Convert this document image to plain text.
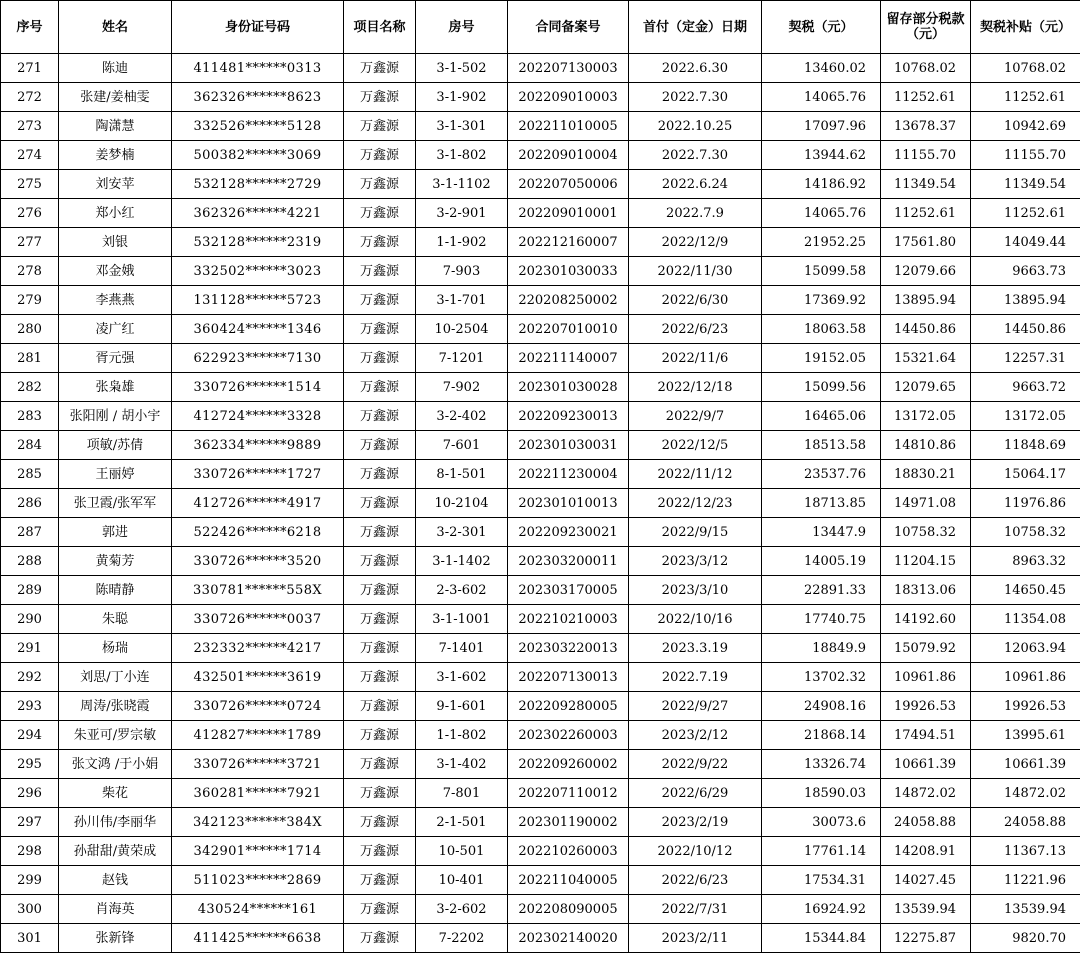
序号	姓名	身份证号码	项目名称	房号	合同备案号	首付（定金）日期	契税（元）	留存部分税款（元）	契税补贴（元）
271	陈迪	411481******0313	万鑫源	3-1-502	202207130003	2022.6.30	13460.02	10768.02	10768.02
272	张建/姜柚雯	362326******8623	万鑫源	3-1-902	202209010003	2022.7.30	14065.76	11252.61	11252.61
273	陶潇慧	332526******5128	万鑫源	3-1-301	202211010005	2022.10.25	17097.96	13678.37	10942.69
274	姜梦楠	500382******3069	万鑫源	3-1-802	202209010004	2022.7.30	13944.62	11155.70	11155.70
275	刘安苹	532128******2729	万鑫源	3-1-1102	202207050006	2022.6.24	14186.92	11349.54	11349.54
276	郑小红	362326******4221	万鑫源	3-2-901	202209010001	2022.7.9	14065.76	11252.61	11252.61
277	刘银	532128******2319	万鑫源	1-1-902	202212160007	2022/12/9	21952.25	17561.80	14049.44
278	邓金娥	332502******3023	万鑫源	7-903	202301030033	2022/11/30	15099.58	12079.66	9663.73
279	李燕燕	131128******5723	万鑫源	3-1-701	220208250002	2022/6/30	17369.92	13895.94	13895.94
280	凌广红	360424******1346	万鑫源	10-2504	202207010010	2022/6/23	18063.58	14450.86	14450.86
281	胥元强	622923******7130	万鑫源	7-1201	202211140007	2022/11/6	19152.05	15321.64	12257.31
282	张枭雄	330726******1514	万鑫源	7-902	202301030028	2022/12/18	15099.56	12079.65	9663.72
283	张阳刚 / 胡小宇	412724******3328	万鑫源	3-2-402	202209230013	2022/9/7	16465.06	13172.05	13172.05
284	项敏/苏倩	362334******9889	万鑫源	7-601	202301030031	2022/12/5	18513.58	14810.86	11848.69
285	王丽婷	330726******1727	万鑫源	8-1-501	202211230004	2022/11/12	23537.76	18830.21	15064.17
286	张卫霞/张军军	412726******4917	万鑫源	10-2104	202301010013	2022/12/23	18713.85	14971.08	11976.86
287	郭进	522426******6218	万鑫源	3-2-301	202209230021	2022/9/15	13447.9	10758.32	10758.32
288	黄菊芳	330726******3520	万鑫源	3-1-1402	202303200011	2023/3/12	14005.19	11204.15	8963.32
289	陈晴静	330781******558X	万鑫源	2-3-602	202303170005	2023/3/10	22891.33	18313.06	14650.45
290	朱聪	330726******0037	万鑫源	3-1-1001	202210210003	2022/10/16	17740.75	14192.60	11354.08
291	杨瑞	232332******4217	万鑫源	7-1401	202303220013	2023.3.19	18849.9	15079.92	12063.94
292	刘思/丁小连	432501******3619	万鑫源	3-1-602	202207130013	2022.7.19	13702.32	10961.86	10961.86
293	周涛/张晓霞	330726******0724	万鑫源	9-1-601	202209280005	2022/9/27	24908.16	19926.53	19926.53
294	朱亚可/罗宗敏	412827******1789	万鑫源	1-1-802	202302260003	2023/2/12	21868.14	17494.51	13995.61
295	张文鸿 /于小娟	330726******3721	万鑫源	3-1-402	202209260002	2022/9/22	13326.74	10661.39	10661.39
296	柴花	360281******7921	万鑫源	7-801	202207110012	2022/6/29	18590.03	14872.02	14872.02
297	孙川伟/李丽华	342123******384X	万鑫源	2-1-501	202301190002	2023/2/19	30073.6	24058.88	24058.88
298	孙甜甜/黄荣成	342901******1714	万鑫源	10-501	202210260003	2022/10/12	17761.14	14208.91	11367.13
299	赵钱	511023******2869	万鑫源	10-401	202211040005	2022/6/23	17534.31	14027.45	11221.96
300	肖海英	430524******161	万鑫源	3-2-602	202208090005	2022/7/31	16924.92	13539.94	13539.94
301	张新锋	411425******6638	万鑫源	7-2202	202302140020	2023/2/11	15344.84	12275.87	9820.70
